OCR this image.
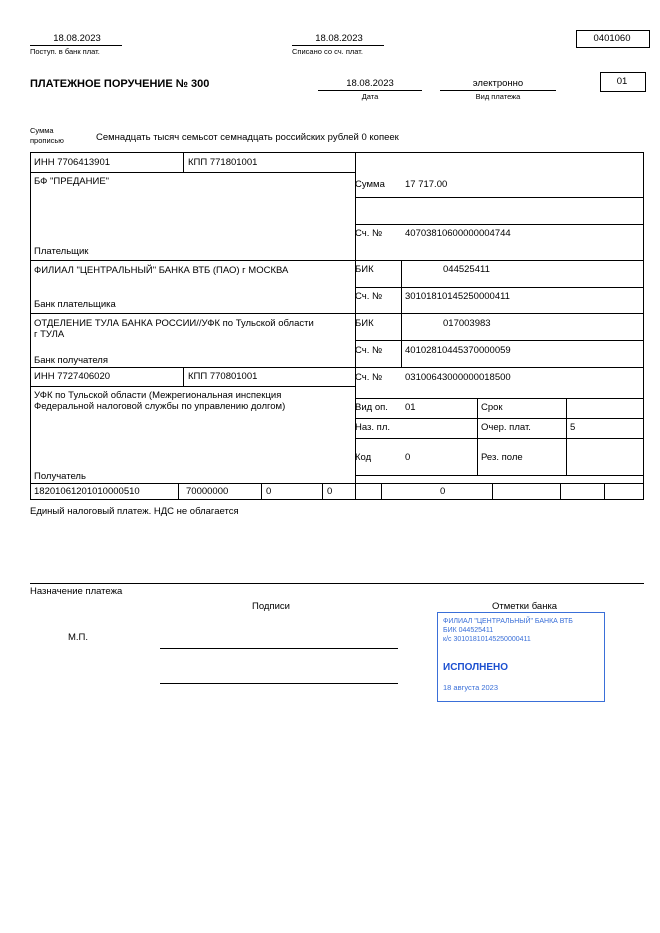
18.08.2023
Поступ. в банк плат.
18.08.2023
Списано со сч. плат.
0401060
ПЛАТЕЖНОЕ ПОРУЧЕНИЕ № 300	18.08.2023
Дата
электронно
Вид платежа
01
Сумма
прописью	Семнадцать тысяч семьсот семнадцать российских рублей 0 копеек
ИНН 7706413901	КПП 771801001
БФ "ПРЕДАНИЕ"
Плательщик
ФИЛИАЛ "ЦЕНТРАЛЬНЫЙ" БАНКА ВТБ (ПАО) г МОСКВА
Банк плательщика
ОТДЕЛЕНИЕ ТУЛА БАНКА РОССИИ//УФК по Тульской области
г ТУЛА
Банк получателя
ИНН 7727406020	КПП 770801001
УФК по Тульской области (Межрегиональная инспекция
Федеральной налоговой службы по управлению долгом)
Получатель
Сумма 17 717.00
Сч. № 40703810600000004744
БИК	044525411
Сч. № 30101810145250000411
БИК	017003983
Сч. № 40102810445370000059
Сч. № 03100643000000018500
Вид оп. 01	Срок
Наз. пл.	Очер. плат.	5
Код	0	Рез. поле
18201061201010000510	70000000	0	0	0
Единый налоговый платеж. НДС не облагается
Назначение платежа
Подписи	Отметки банка
М.П.
ФИЛИАЛ "ЦЕНТРАЛЬНЫЙ" БАНКА ВТБ
БИК 044525411
к/с 30101810145250000411
ИСПОЛНЕНО
18 августа 2023
